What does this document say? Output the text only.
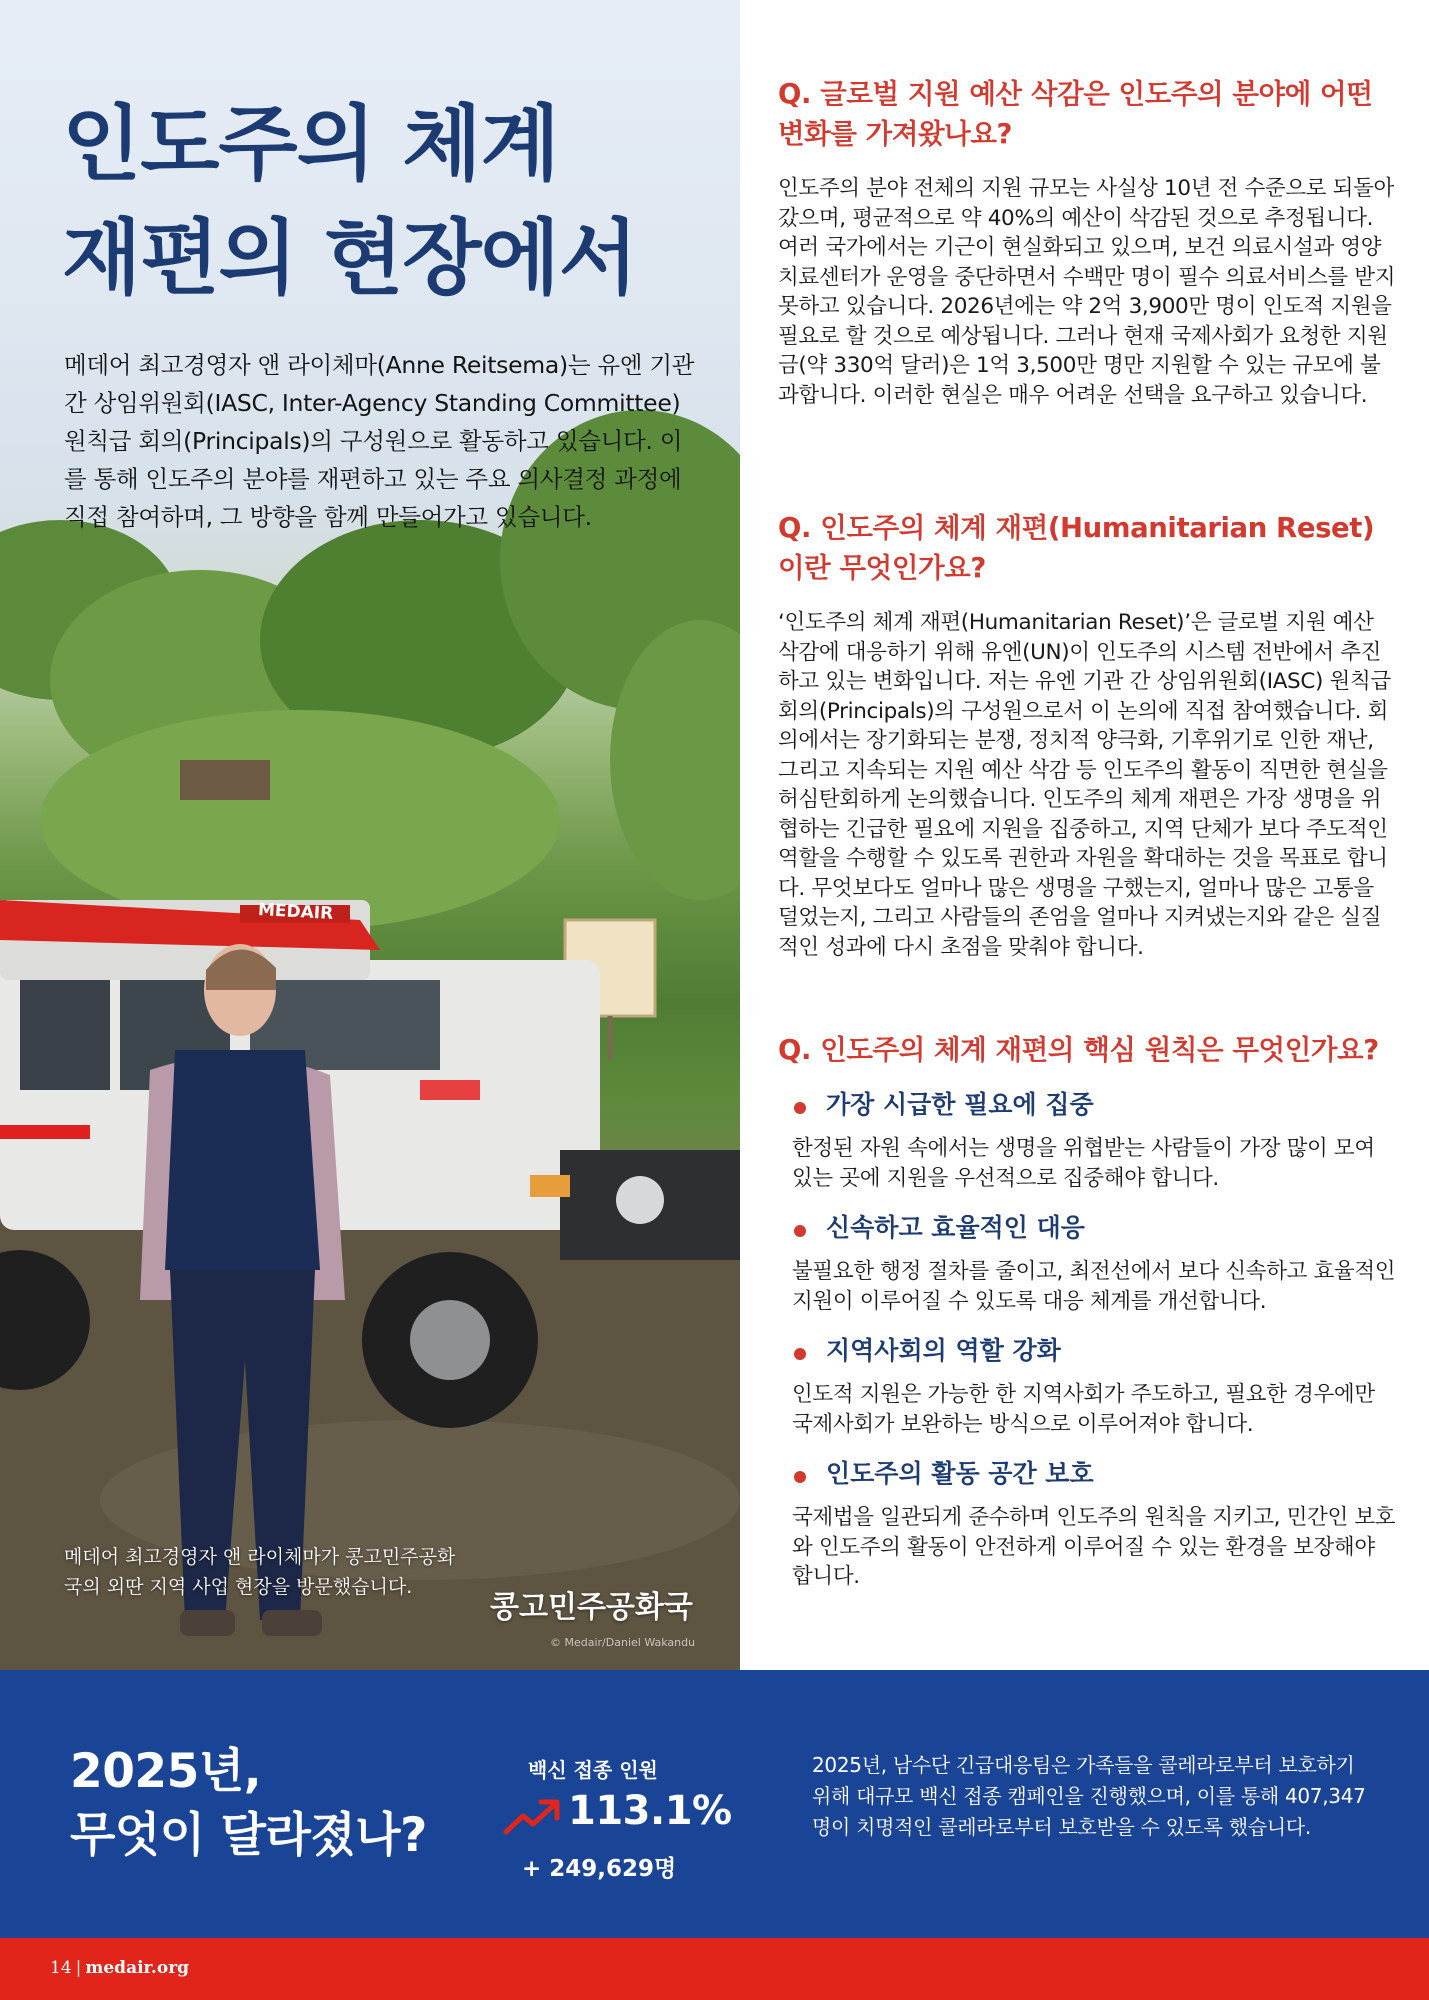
인도주의 체계
재편의 현장에서

메데어 최고경영자 앤 라이체마(Anne Reitsema)는 유엔 기관 간 상임위원회(IASC, Inter-Agency Standing Committee) 원칙급 회의(Principals)의 구성원으로 활동하고 있습니다. 이를 통해 인도주의 분야를 재편하고 있는 주요 의사결정 과정에 직접 참여하며, 그 방향을 함께 만들어가고 있습니다.

메데어 최고경영자 앤 라이체마가 콩고민주공화국의 외딴 지역 사업 현장을 방문했습니다.

콩고민주공화국
© Medair/Daniel Wakandu
MEDAIR
Q. 글로벌 지원 예산 삭감은 인도주의 분야에 어떤 변화를 가져왔나요?

인도주의 분야 전체의 지원 규모는 사실상 10년 전 수준으로 되돌아갔으며, 평균적으로 약 40%의 예산이 삭감된 것으로 추정됩니다. 여러 국가에서는 기근이 현실화되고 있으며, 보건 의료시설과 영양 치료센터가 운영을 중단하면서 수백만 명이 필수 의료서비스를 받지 못하고 있습니다. 2026년에는 약 2억 3,900만 명이 인도적 지원을 필요로 할 것으로 예상됩니다. 그러나 현재 국제사회가 요청한 지원금(약 330억 달러)은 1억 3,500만 명만 지원할 수 있는 규모에 불과합니다. 이러한 현실은 매우 어려운 선택을 요구하고 있습니다.

Q. 인도주의 체계 재편(Humanitarian Reset)이란 무엇인가요?

‘인도주의 체계 재편(Humanitarian Reset)’은 글로벌 지원 예산 삭감에 대응하기 위해 유엔(UN)이 인도주의 시스템 전반에서 추진하고 있는 변화입니다. 저는 유엔 기관 간 상임위원회(IASC) 원칙급 회의(Principals)의 구성원으로서 이 논의에 직접 참여했습니다. 회의에서는 장기화되는 분쟁, 정치적 양극화, 기후위기로 인한 재난, 그리고 지속되는 지원 예산 삭감 등 인도주의 활동이 직면한 현실을 허심탄회하게 논의했습니다. 인도주의 체계 재편은 가장 생명을 위협하는 긴급한 필요에 지원을 집중하고, 지역 단체가 보다 주도적인 역할을 수행할 수 있도록 권한과 자원을 확대하는 것을 목표로 합니다. 무엇보다도 얼마나 많은 생명을 구했는지, 얼마나 많은 고통을 덜었는지, 그리고 사람들의 존엄을 얼마나 지켜냈는지와 같은 실질적인 성과에 다시 초점을 맞춰야 합니다.

Q. 인도주의 체계 재편의 핵심 원칙은 무엇인가요?
가장 시급한 필요에 집중

한정된 자원 속에서는 생명을 위협받는 사람들이 가장 많이 모여 있는 곳에 지원을 우선적으로 집중해야 합니다.

신속하고 효율적인 대응

불필요한 행정 절차를 줄이고, 최전선에서 보다 신속하고 효율적인 지원이 이루어질 수 있도록 대응 체계를 개선합니다.

지역사회의 역할 강화

인도적 지원은 가능한 한 지역사회가 주도하고, 필요한 경우에만 국제사회가 보완하는 방식으로 이루어져야 합니다.

인도주의 활동 공간 보호

국제법을 일관되게 준수하며 인도주의 원칙을 지키고, 민간인 보호와 인도주의 활동이 안전하게 이루어질 수 있는 환경을 보장해야 합니다.

2025년,
무엇이 달라졌나?
백신 접종 인원
113.1%
+ 249,629명

2025년, 남수단 긴급대응팀은 가족들을 콜레라로부터 보호하기 위해 대규모 백신 접종 캠페인을 진행했으며, 이를 통해 407,347명이 치명적인 콜레라로부터 보호받을 수 있도록 했습니다.

14 | medair.org
